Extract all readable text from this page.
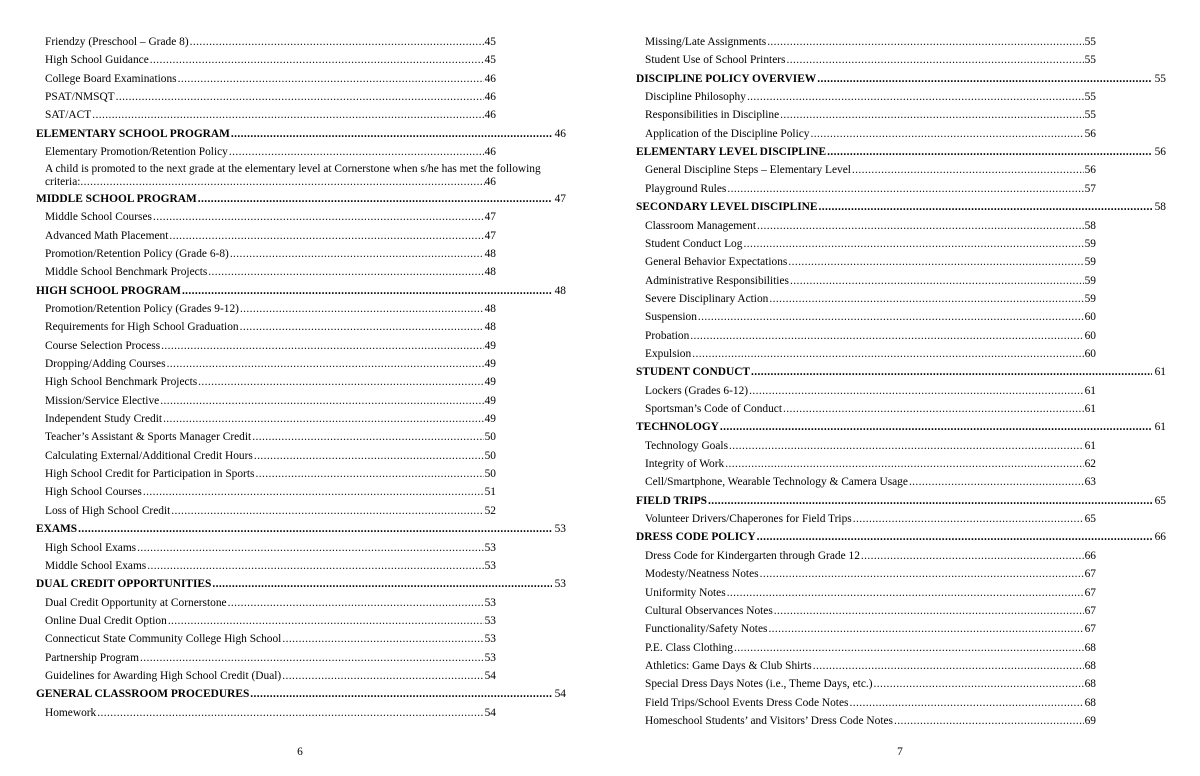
Friendzy (Preschool – Grade 8) .....	45
High School Guidance .....	45
College Board Examinations .....	46
PSAT/NMSQT .....	46
SAT/ACT .....	46
ELEMENTARY SCHOOL PROGRAM .....	46
Elementary Promotion/Retention Policy .....	46
A child is promoted to the next grade at the elementary level at Cornerstone when s/he has met the following
criteria: .....	46
MIDDLE SCHOOL PROGRAM .....	47
Middle School Courses .....	47
Advanced Math Placement .....	47
Promotion/Retention Policy (Grade 6-8) .....	48
Middle School Benchmark Projects .....	48
HIGH SCHOOL PROGRAM .....	48
Promotion/Retention Policy (Grades 9-12) .....	48
Requirements for High School Graduation .....	48
Course Selection Process .....	49
Dropping/Adding Courses .....	49
High School Benchmark Projects .....	49
Mission/Service Elective .....	49
Independent Study Credit .....	49
Teacher’s Assistant & Sports Manager Credit .....	50
Calculating External/Additional Credit Hours .....	50
High School Credit for Participation in Sports .....	50
High School Courses .....	51
Loss of High School Credit .....	52
EXAMS .....	53
High School Exams .....	53
Middle School Exams .....	53
DUAL CREDIT OPPORTUNITIES .....	53
Dual Credit Opportunity at Cornerstone .....	53
Online Dual Credit Option .....	53
Connecticut State Community College High School .....	53
Partnership Program .....	53
Guidelines for Awarding High School Credit (Dual) .....	54
GENERAL CLASSROOM PROCEDURES .....	54
Homework .....	54
6
Missing/Late Assignments .....	55
Student Use of School Printers .....	55
DISCIPLINE POLICY OVERVIEW .....	55
Discipline Philosophy .....	55
Responsibilities in Discipline .....	55
Application of the Discipline Policy .....	56
ELEMENTARY LEVEL DISCIPLINE .....	56
General Discipline Steps – Elementary Level .....	56
Playground Rules .....	57
SECONDARY LEVEL DISCIPLINE .....	58
Classroom Management .....	58
Student Conduct Log .....	59
General Behavior Expectations .....	59
Administrative Responsibilities .....	59
Severe Disciplinary Action .....	59
Suspension .....	60
Probation .....	60
Expulsion .....	60
STUDENT CONDUCT .....	61
Lockers (Grades 6-12) .....	61
Sportsman’s Code of Conduct .....	61
TECHNOLOGY .....	61
Technology Goals .....	61
Integrity of Work .....	62
Cell/Smartphone, Wearable Technology & Camera Usage .....	63
FIELD TRIPS .....	65
Volunteer Drivers/Chaperones for Field Trips .....	65
DRESS CODE POLICY .....	66
Dress Code for Kindergarten through Grade 12 .....	66
Modesty/Neatness Notes .....	67
Uniformity Notes .....	67
Cultural Observances Notes .....	67
Functionality/Safety Notes .....	67
P.E. Class Clothing .....	68
Athletics: Game Days & Club Shirts .....	68
Special Dress Days Notes (i.e., Theme Days, etc.) .....	68
Field Trips/School Events Dress Code Notes .....	68
Homeschool Students’ and Visitors’ Dress Code Notes .....	69
7
